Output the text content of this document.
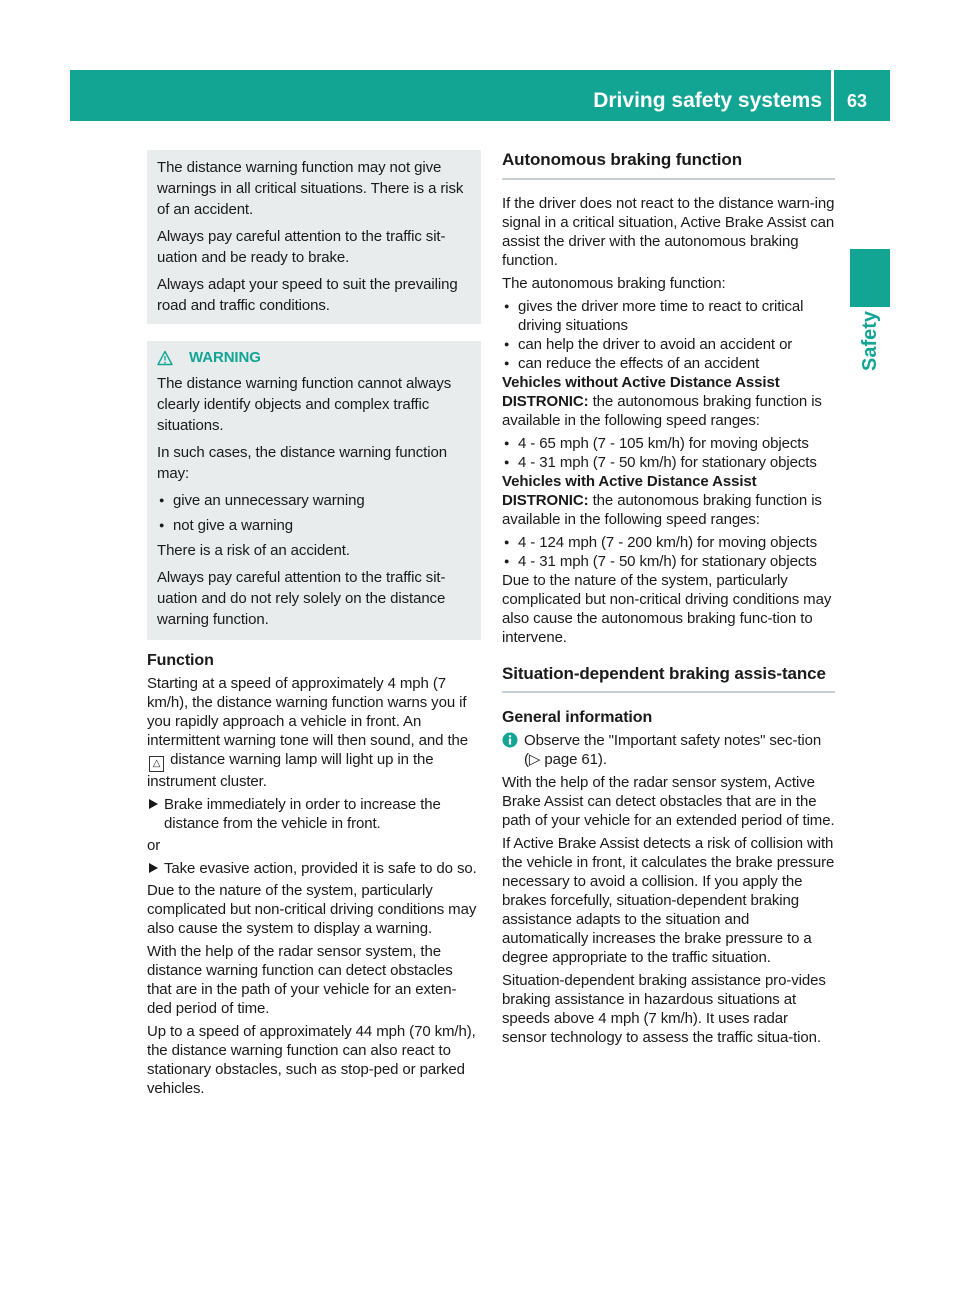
Driving safety systems	63
Safety

The distance warning function may not give warnings in all critical situations. There is a risk of an accident.

Always pay careful attention to the traffic sit-uation and be ready to brake.

Always adapt your speed to suit the prevailing road and traffic conditions.

WARNING

The distance warning function cannot always clearly identify objects and complex traffic situations.

In such cases, the distance warning function may:

● give an unnecessary warning

● not give a warning

There is a risk of an accident.

Always pay careful attention to the traffic sit-uation and do not rely solely on the distance warning function.

Function

Starting at a speed of approximately 4 mph (7 km/h), the distance warning function warns you if you rapidly approach a vehicle in front. An intermittent warning tone will then sound, and the △ distance warning lamp will light up in the instrument cluster.

Brake immediately in order to increase the distance from the vehicle in front.

or

Take evasive action, provided it is safe to do so.

Due to the nature of the system, particularly complicated but non-critical driving conditions may also cause the system to display a warning.

With the help of the radar sensor system, the distance warning function can detect obstacles that are in the path of your vehicle for an exten-ded period of time.

Up to a speed of approximately 44 mph (70 km/h), the distance warning function can also react to stationary obstacles, such as stop-ped or parked vehicles.

Autonomous braking function

If the driver does not react to the distance warn-ing signal in a critical situation, Active Brake Assist can assist the driver with the autonomous braking function.

The autonomous braking function:

● gives the driver more time to react to critical driving situations

● can help the driver to avoid an accident or

● can reduce the effects of an accident

Vehicles without Active Distance Assist DISTRONIC: the autonomous braking function is available in the following speed ranges:

● 4 - 65 mph (7 - 105 km/h) for moving objects

● 4 - 31 mph (7 - 50 km/h) for stationary objects

Vehicles with Active Distance Assist DISTRONIC: the autonomous braking function is available in the following speed ranges:

● 4 - 124 mph (7 - 200 km/h) for moving objects

● 4 - 31 mph (7 - 50 km/h) for stationary objects

Due to the nature of the system, particularly complicated but non-critical driving conditions may also cause the autonomous braking func-tion to intervene.

Situation-dependent braking assis-tance
General information

Observe the "Important safety notes" sec-tion (▷ page 61).

With the help of the radar sensor system, Active Brake Assist can detect obstacles that are in the path of your vehicle for an extended period of time.

If Active Brake Assist detects a risk of collision with the vehicle in front, it calculates the brake pressure necessary to avoid a collision. If you apply the brakes forcefully, situation-dependent braking assistance adapts to the situation and automatically increases the brake pressure to a degree appropriate to the traffic situation.

Situation-dependent braking assistance pro-vides braking assistance in hazardous situations at speeds above 4 mph (7 km/h). It uses radar sensor technology to assess the traffic situa-tion.
